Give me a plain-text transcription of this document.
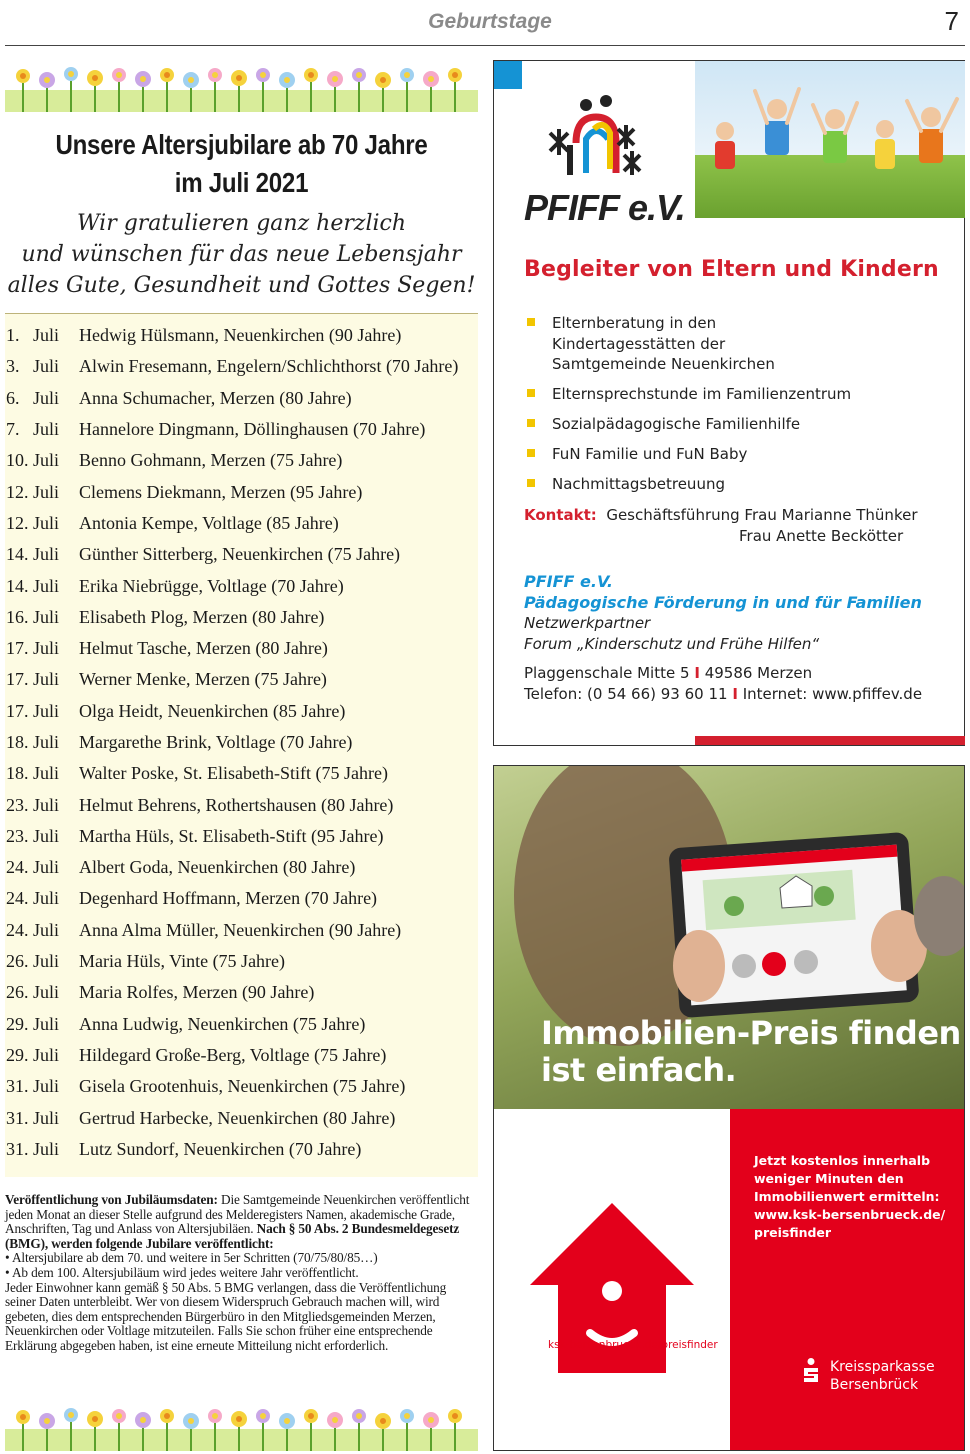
Geburtstage	7
Unsere Altersjubilare ab 70 Jahre
im Juli 2021
Wir gratulieren ganz herzlich
und wünschen für das neue Lebensjahr
alles Gute, Gesundheit und Gottes Segen!
1. Juli	Hedwig Hülsmann, Neuenkirchen (90 Jahre)
3. Juli	Alwin Fresemann, Engelern/Schlichthorst (70 Jahre)
6. Juli	Anna Schumacher, Merzen (80 Jahre)
7. Juli	Hannelore Dingmann, Döllinghausen (70 Jahre)
10. Juli	Benno Gohmann, Merzen (75 Jahre)
12. Juli	Clemens Diekmann, Merzen (95 Jahre)
12. Juli	Antonia Kempe, Voltlage (85 Jahre)
14. Juli	Günther Sitterberg, Neuenkirchen (75 Jahre)
14. Juli	Erika Niebrügge, Voltlage (70 Jahre)
16. Juli	Elisabeth Plog, Merzen (80 Jahre)
17. Juli	Helmut Tasche, Merzen (80 Jahre)
17. Juli	Werner Menke, Merzen (75 Jahre)
17. Juli	Olga Heidt, Neuenkirchen (85 Jahre)
18. Juli	Margarethe Brink, Voltlage (70 Jahre)
18. Juli	Walter Poske, St. Elisabeth-Stift (75 Jahre)
23. Juli	Helmut Behrens, Rothertshausen (80 Jahre)
23. Juli	Martha Hüls, St. Elisabeth-Stift (95 Jahre)
24. Juli	Albert Goda, Neuenkirchen (80 Jahre)
24. Juli	Degenhard Hoffmann, Merzen (70 Jahre)
24. Juli	Anna Alma Müller, Neuenkirchen (90 Jahre)
26. Juli	Maria Hüls, Vinte (75 Jahre)
26. Juli	Maria Rolfes, Merzen (90 Jahre)
29. Juli	Anna Ludwig, Neuenkirchen (75 Jahre)
29. Juli	Hildegard Große-Berg, Voltlage (75 Jahre)
31. Juli	Gisela Grootenhuis, Neuenkirchen (75 Jahre)
31. Juli	Gertrud Harbecke, Neuenkirchen (80 Jahre)
31. Juli	Lutz Sundorf, Neuenkirchen (70 Jahre)
Veröffentlichung von Jubiläumsdaten: Die Samtgemeinde Neuenkirchen veröffentlicht jeden Monat an dieser Stelle aufgrund des Melderegisters Namen, akademische Grade, Anschriften, Tag und Anlass von Altersjubiläen. Nach § 50 Abs. 2 Bundesmeldegesetz (BMG), werden folgende Jubilare veröffentlicht:
• Altersjubilare ab dem 70. und weitere in 5er Schritten (70/75/80/85…)
• Ab dem 100. Altersjubiläum wird jedes weitere Jahr veröffentlicht.
Jeder Einwohner kann gemäß § 50 Abs. 5 BMG verlangen, dass die Veröffentlichung seiner Daten unterbleibt. Wer von diesem Widerspruch Gebrauch machen will, wird gebeten, dies dem entsprechenden Bürgerbüro in den Mitgliedsgemeinden Merzen, Neuenkirchen oder Voltlage mitzuteilen. Falls Sie schon früher eine entsprechende Erklärung abgegeben haben, ist eine erneute Mitteilung nicht erforderlich.
PFIFF e.V.
Begleiter von Eltern und Kindern
Elternberatung in den Kindertagesstätten der Samtgemeinde Neuenkirchen
Elternsprechstunde im Familienzentrum
Sozialpädagogische Familienhilfe
FuN Familie und FuN Baby
Nachmittagsbetreuung
Kontakt: Geschäftsführung Frau Marianne Thünker
Frau Anette Beckötter
PFIFF e.V.
Pädagogische Förderung in und für Familien
Netzwerkpartner
Forum „Kinderschutz und Frühe Hilfen“
Plaggenschale Mitte 5 I 49586 Merzen
Telefon: (0 54 66) 93 60 11 I Internet: www.pfiffev.de
Immobilien-Preis finden
ist einfach.
Jetzt kostenlos innerhalb weniger Minuten den Immobilienwert ermitteln: www.ksk-bersenbrueck.de/ preisfinder
ksk-bersenbrueck.de/preisfinder
Kreissparkasse
Bersenbrück
